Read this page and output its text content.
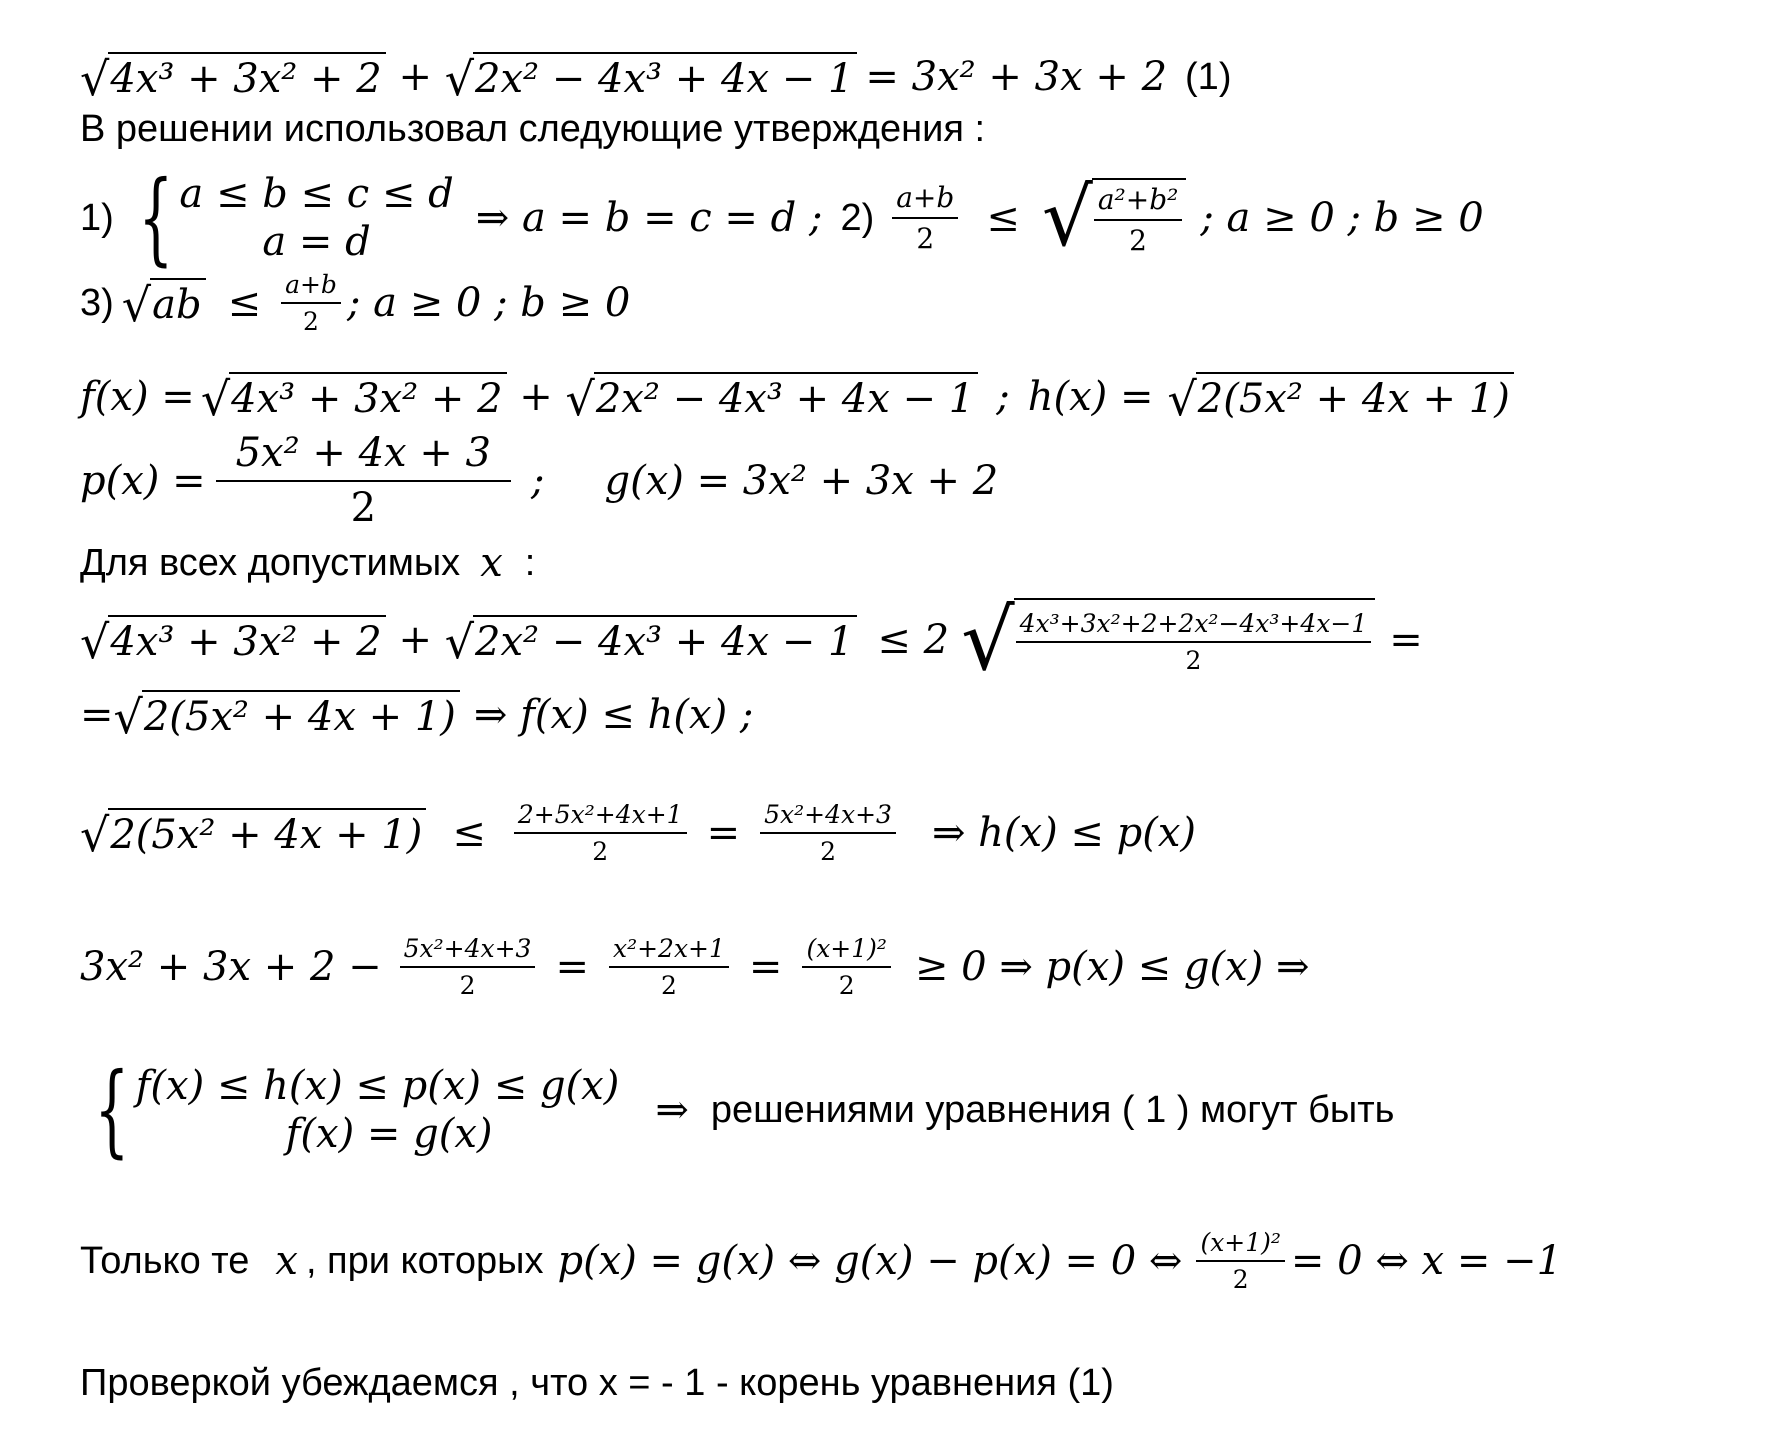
√ 4x³ + 3x² + 2 + √ 2x² − 4x³ + 4x − 1 = 3x² + 3x + 2 (1)
В решении использовал следующие утверждения :
1) { a ≤ b ≤ c ≤ d
a = d
⇒ a = b = c = d ; $2) \frac{a+b}{2}$ ≤ √ $\frac{\text{a²+b²}}{2}$ ; a ≥ 0 ; b ≥ 0
3) √ ab ≤ $\frac{a+b}{2}$ ; a ≥ 0 ; b ≥ 0
f(x) = √ 4x³ + 3x² + 2 + √ 2x² − 4x³ + 4x − 1 ; h(x) = √ 2(5x² + 4x + 1)
$p(x) = \frac{\text{5x² + 4x + 3}}{2}$ ; g(x) = 3x² + 3x + 2
Для всех допустимых x :
√ 4x³ + 3x² + 2 + √ 2x² − 4x³ + 4x − 1 ≤ 2 √ $\frac{\text{4x³+3x²+2+2x²−4x³+4x−1}}{2}$ =
= √ 2(5x² + 4x + 1) ⇒ f(x) ≤ h(x) ;
√ $2(5x^2 + 4x + 1) \le \frac{\text{2+5x²+4x+1}}{2} = \frac{\text{5x²+4x+3}}{2}$ ⇒ h(x) ≤ p(x)
$3x^2 + 3x + 2 - \frac{\text{5x²+4x+3}}{2} = \frac{\text{x²+2x+1}}{2} = \frac{\text{(x+1)²}}{2} \ge 0$ ⇒ p(x) ≤ g(x) ⇒
{ f(x) ≤ h(x) ≤ p(x) ≤ g(x)
f(x) = g(x)
⇒ решениями уравнения ( 1 ) могут быть
Только те x , при которых p(x) = g(x) ⇔ g(x) − p(x) = 0 ⇔ $\frac{\text{(x+1)²}}{2} = 0$ ⇔ x = −1
Проверкой убеждаемся , что x = - 1 - корень уравнения (1)
